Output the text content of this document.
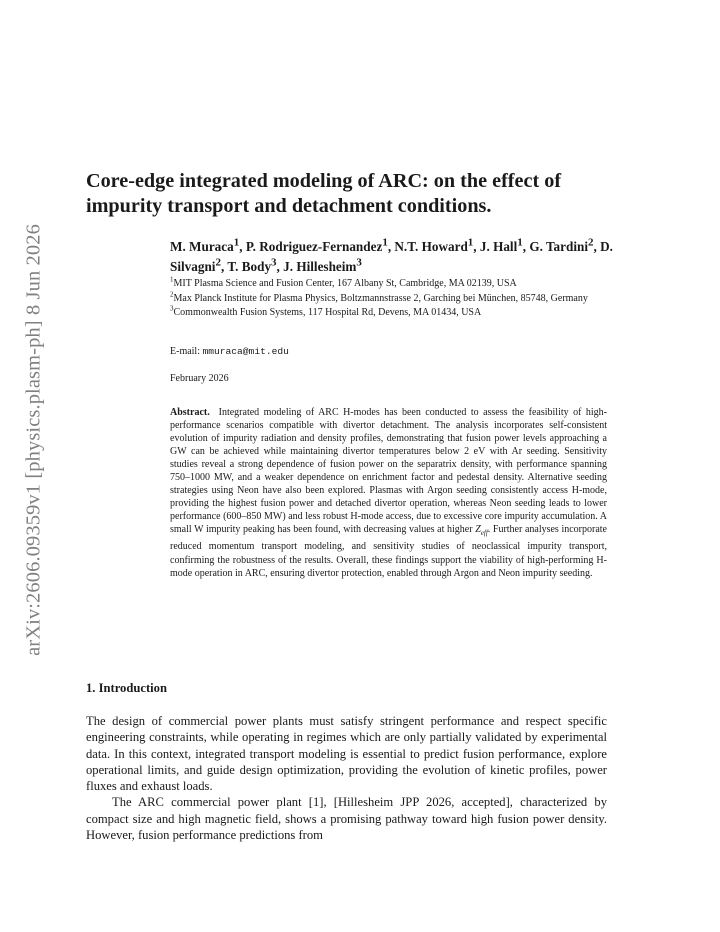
arXiv:2606.09359v1 [physics.plasm-ph] 8 Jun 2026
Core-edge integrated modeling of ARC: on the effect of impurity transport and detachment conditions.

M. Muraca$^1$, P. Rodriguez-Fernandez$^1$, N.T. Howard$^1$, J. Hall$^1$, G. Tardini$^2$, D. Silvagni$^2$, T. Body$^3$, J. Hillesheim$^3$

$^1$MIT Plasma Science and Fusion Center, 167 Albany St, Cambridge, MA 02139, USA
$^2$Max Planck Institute for Plasma Physics, Boltzmannstrasse 2, Garching bei München, 85748, Germany
$^3$Commonwealth Fusion Systems, 117 Hospital Rd, Devens, MA 01434, USA

E-mail: mmuraca@mit.edu

February 2026

Abstract. Integrated modeling of ARC H-modes has been conducted to assess the feasibility of high-performance scenarios compatible with divertor detachment. The analysis incorporates self-consistent evolution of impurity radiation and density profiles, demonstrating that fusion power levels approaching a GW can be achieved while maintaining divertor temperatures below 2 eV with Ar seeding. Sensitivity studies reveal a strong dependence of fusion power on the separatrix density, with performance spanning 750–1000 MW, and a weaker dependence on enrichment factor and pedestal density. Alternative seeding strategies using Neon have also been explored. Plasmas with Argon seeding consistently access H-mode, providing the highest fusion power and detached divertor operation, whereas Neon seeding leads to lower performance (600–850 MW) and less robust H-mode access, due to excessive core impurity accumulation. A small W impurity peaking has been found, with decreasing values at higher $Z_{eff}$. Further analyses incorporate reduced momentum transport modeling, and sensitivity studies of neoclassical impurity transport, confirming the robustness of the results. Overall, these findings support the viability of high-performing H-mode operation in ARC, ensuring divertor protection, enabled through Argon and Neon impurity seeding.

1. Introduction

The design of commercial power plants must satisfy stringent performance and respect specific engineering constraints, while operating in regimes which are only partially validated by experimental data. In this context, integrated transport modeling is essential to predict fusion performance, explore operational limits, and guide design optimization, providing the evolution of kinetic profiles, power fluxes and exhaust loads.

The ARC commercial power plant [1], [Hillesheim JPP 2026, accepted], characterized by compact size and high magnetic field, shows a promising pathway toward high fusion power density. However, fusion performance predictions from
